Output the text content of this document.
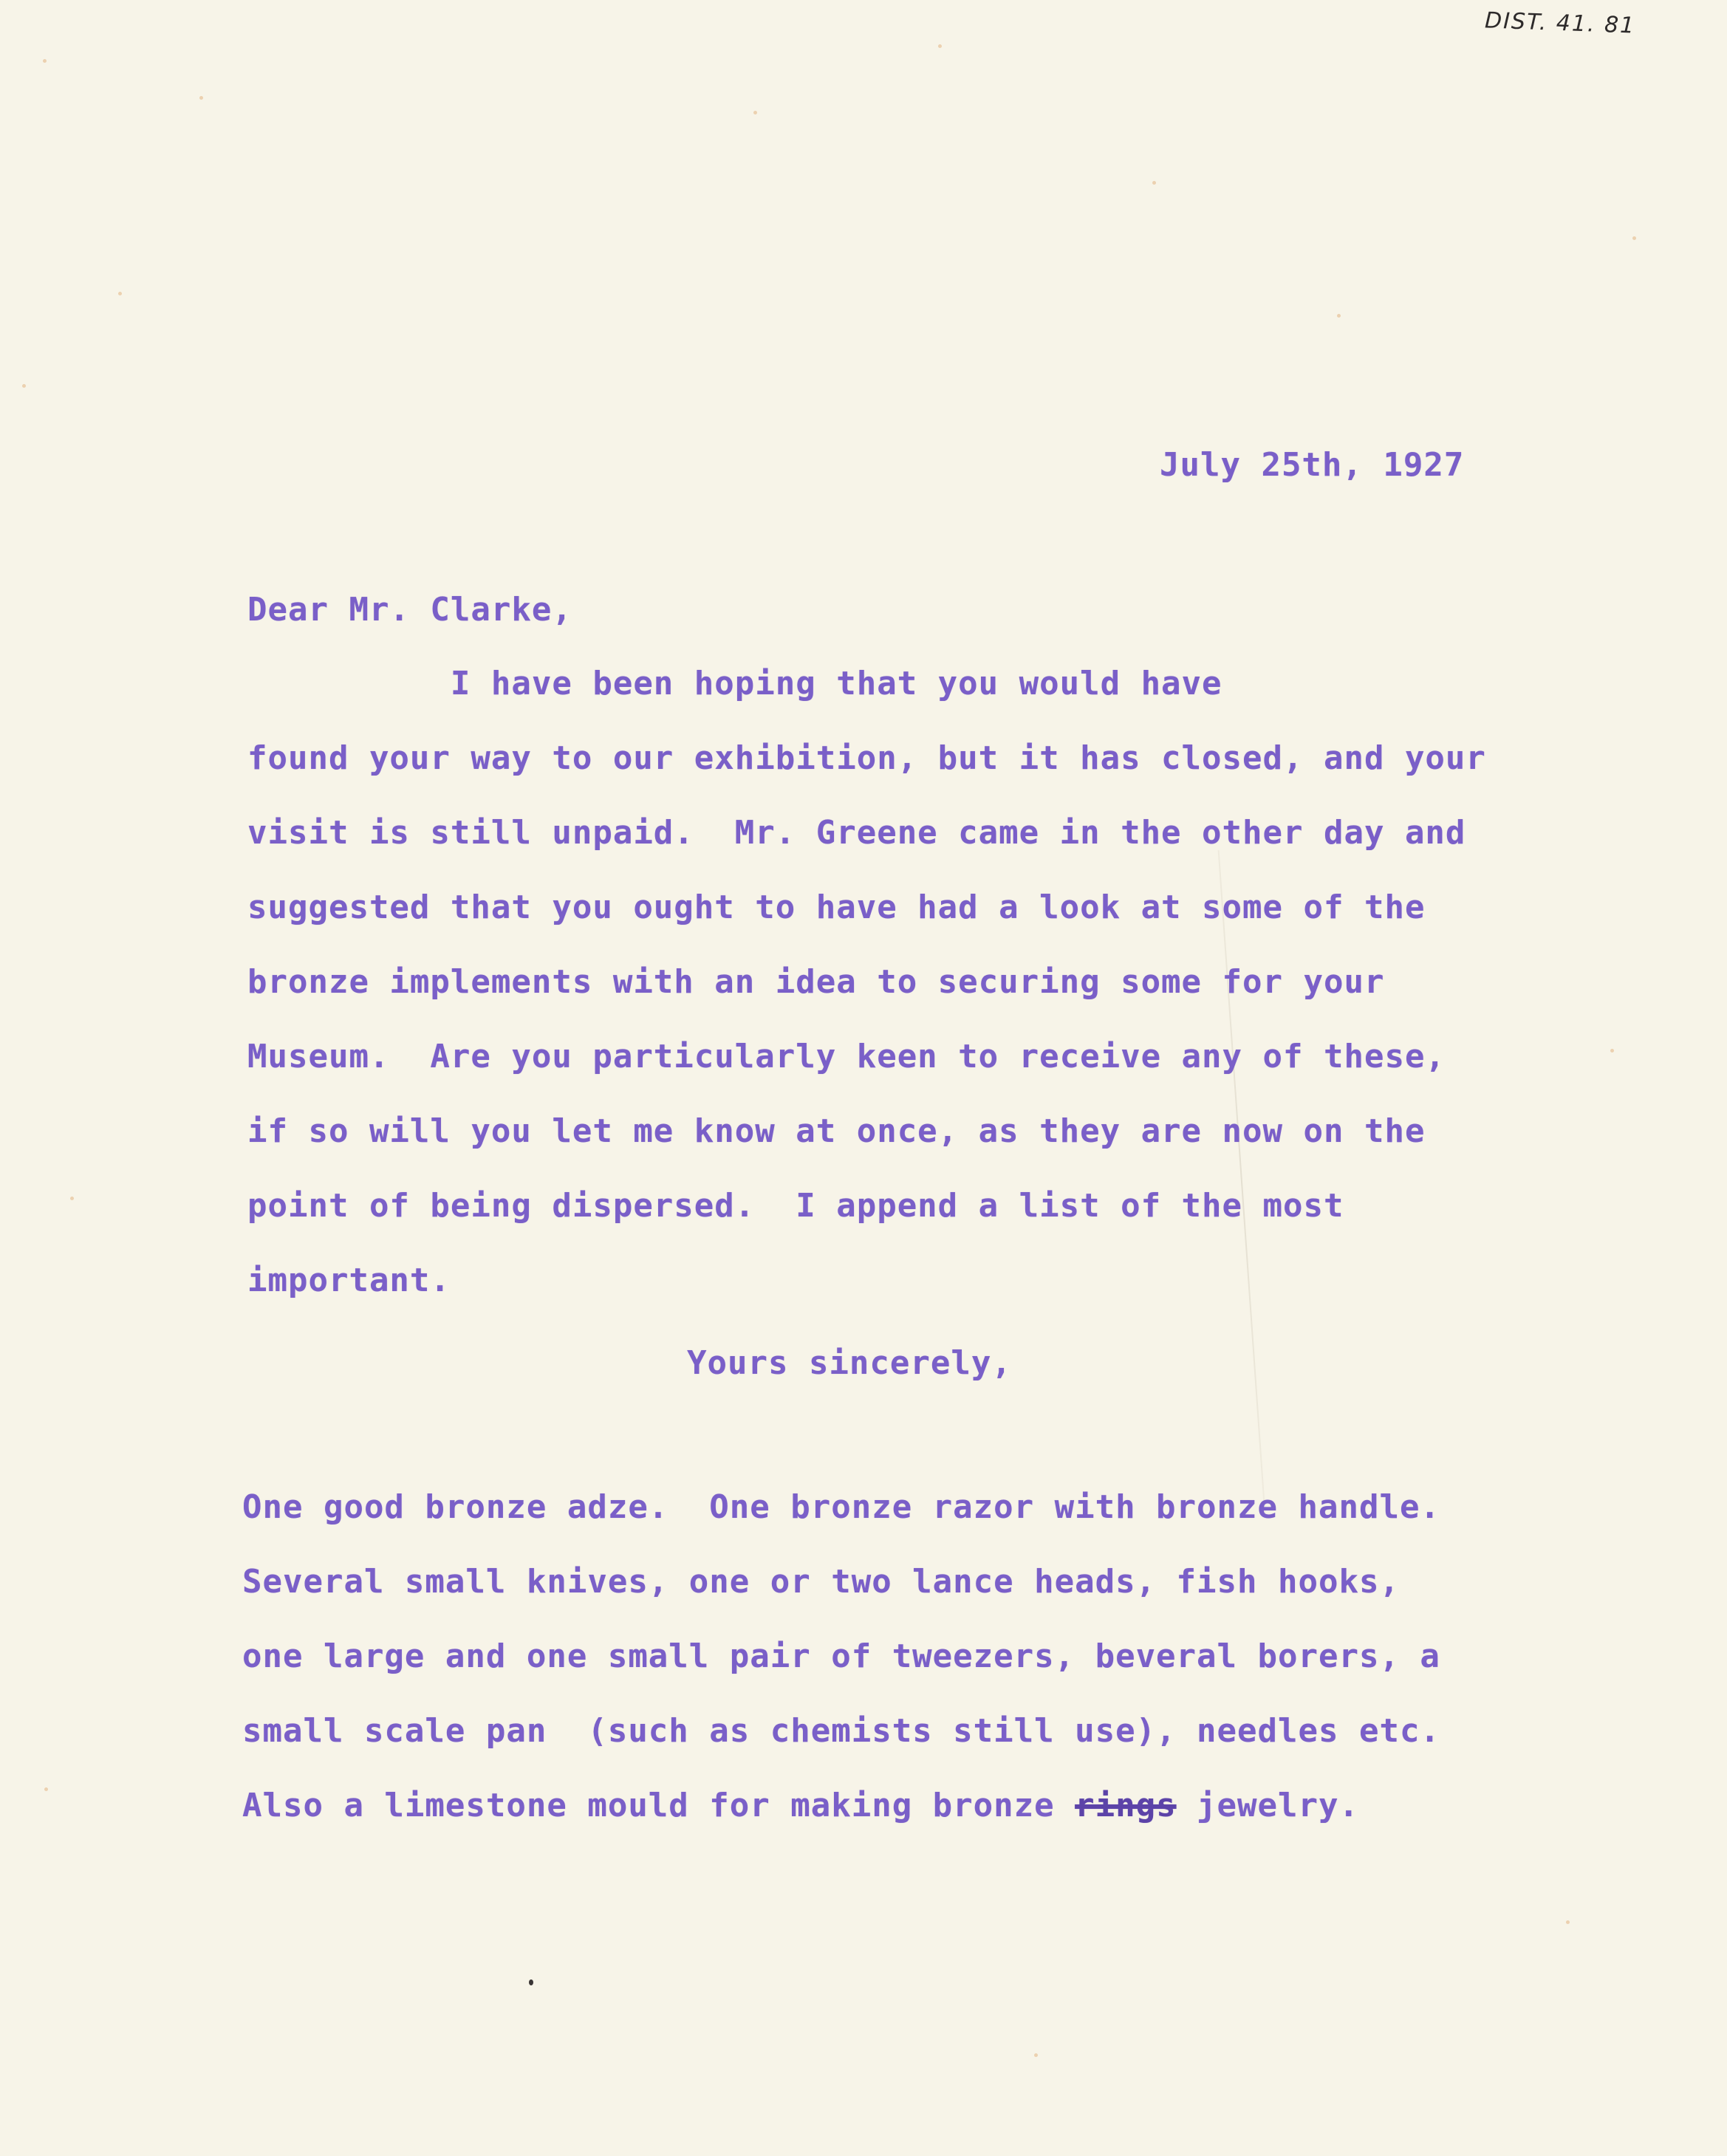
DIST. 41. 81
July 25th, 1927
Dear Mr. Clarke,
I have been hoping that you would have
found your way to our exhibition, but it has closed, and your
visit is still unpaid.  Mr. Greene came in the other day and
suggested that you ought to have had a look at some of the
bronze implements with an idea to securing some for your
Museum.  Are you particularly keen to receive any of these,
if so will you let me know at once, as they are now on the
point of being dispersed.  I append a list of the most
important.
Yours sincerely,
One good bronze adze.  One bronze razor with bronze handle.
Several small knives, one or two lance heads, fish hooks,
one large and one small pair of tweezers, beveral borers, a
small scale pan  (such as chemists still use), needles etc.
Also a limestone mould for making bronze rings jewelry.
